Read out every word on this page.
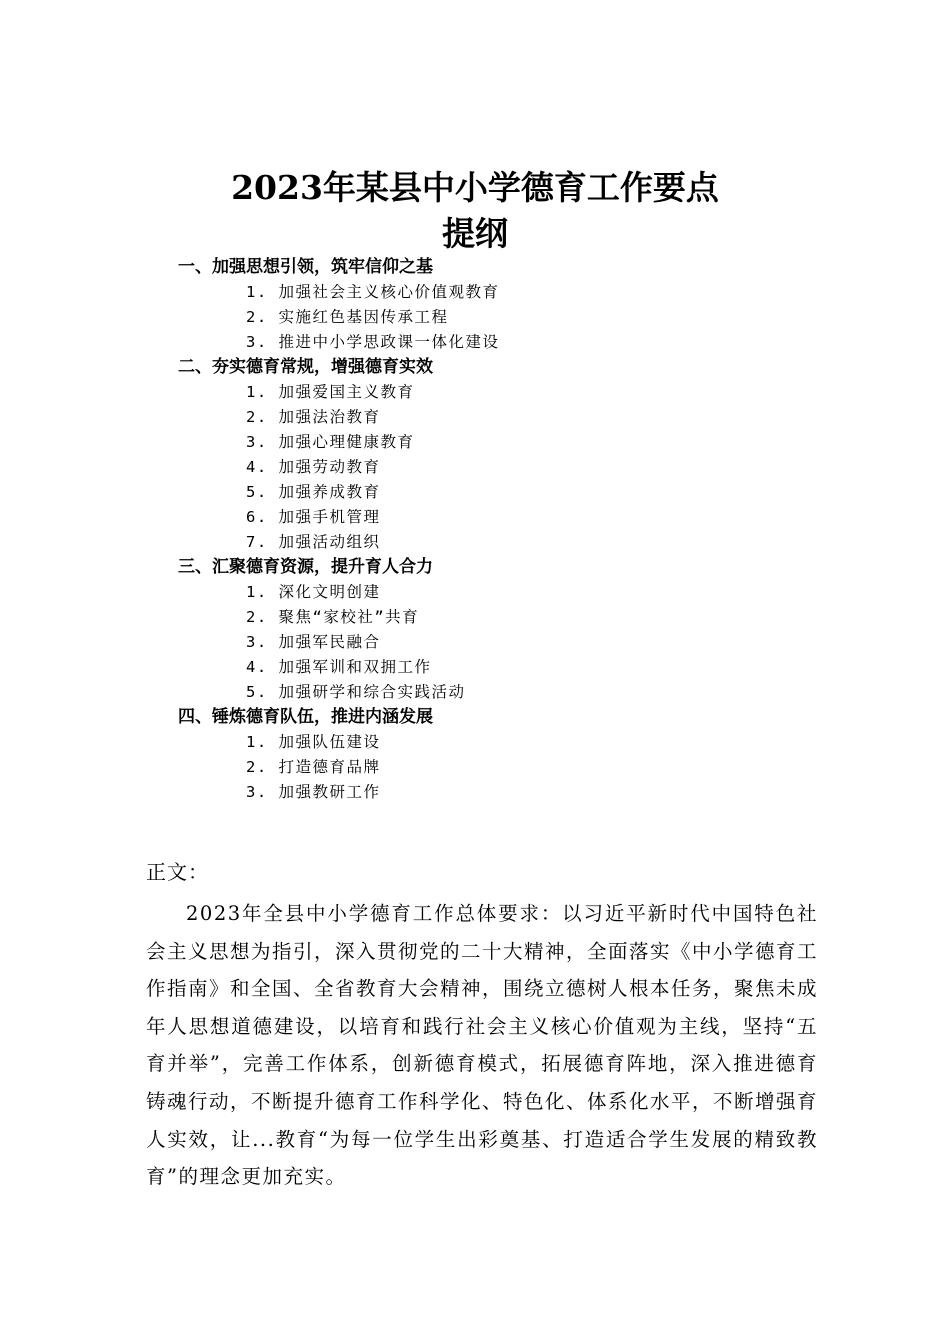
2023年某县中小学德育工作要点
提纲
一、加强思想引领，筑牢信仰之基
1. 加强社会主义核心价值观教育
2. 实施红色基因传承工程
3. 推进中小学思政课一体化建设
二、夯实德育常规，增强德育实效
1. 加强爱国主义教育
2. 加强法治教育
3. 加强心理健康教育
4. 加强劳动教育
5. 加强养成教育
6. 加强手机管理
7. 加强活动组织
三、汇聚德育资源，提升育人合力
1. 深化文明创建
2. 聚焦“家校社”共育
3. 加强军民融合
4. 加强军训和双拥工作
5. 加强研学和综合实践活动
四、锤炼德育队伍，推进内涵发展
1. 加强队伍建设
2. 打造德育品牌
3. 加强教研工作
正文：

2023年全县中小学德育工作总体要求：以习近平新时代中国特色社会主义思想为指引，深入贯彻党的二十大精神，全面落实《中小学德育工作指南》和全国、全省教育大会精神，围绕立德树人根本任务，聚焦未成年人思想道德建设，以培育和践行社会主义核心价值观为主线，坚持“五育并举”，完善工作体系，创新德育模式，拓展德育阵地，深入推进德育铸魂行动，不断提升德育工作科学化、特色化、体系化水平，不断增强育人实效，让...教育“为每一位学生出彩奠基、打造适合学生发展的精致教育”的理念更加充实。
